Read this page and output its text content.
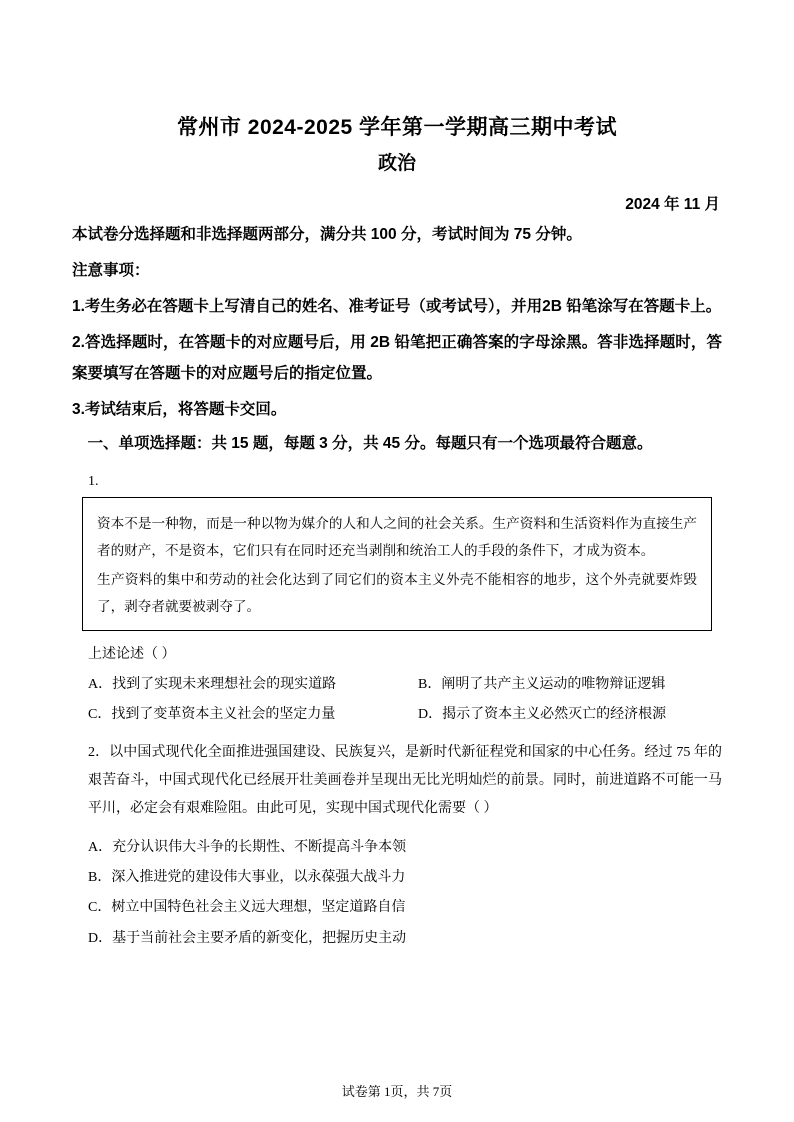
常州市 2024-2025 学年第一学期高三期中考试
政治

2024 年 11 月

本试卷分选择题和非选择题两部分，满分共 100 分，考试时间为 75 分钟。

注意事项：

1.考生务必在答题卡上写清自己的姓名、准考证号（或考试号），并用2B 铅笔涂写在答题卡上。

2.答选择题时，在答题卡的对应题号后，用 2B 铅笔把正确答案的字母涂黑。答非选择题时，答案要填写在答题卡的对应题号后的指定位置。

3.考试结束后，将答题卡交回。

一、单项选择题：共 15 题，每题 3 分，共 45 分。每题只有一个选项最符合题意。

1.

资本不是一种物，而是一种以物为媒介的人和人之间的社会关系。生产资料和生活资料作为直接生产者的财产，不是资本，它们只有在同时还充当剥削和统治工人的手段的条件下，才成为资本。

生产资料的集中和劳动的社会化达到了同它们的资本主义外壳不能相容的地步，这个外壳就要炸毁了，剥夺者就要被剥夺了。

上述论述（ ）

A．找到了实现未来理想社会的现实道路	B．阐明了共产主义运动的唯物辩证逻辑
C．找到了变革资本主义社会的坚定力量	D．揭示了资本主义必然灭亡的经济根源

2．以中国式现代化全面推进强国建设、民族复兴，是新时代新征程党和国家的中心任务。经过 75 年的艰苦奋斗，中国式现代化已经展开壮美画卷并呈现出无比光明灿烂的前景。同时，前进道路不可能一马平川，必定会有艰难险阻。由此可见，实现中国式现代化需要（ ）

A．充分认识伟大斗争的长期性、不断提高斗争本领

B．深入推进党的建设伟大事业，以永葆强大战斗力

C．树立中国特色社会主义远大理想，坚定道路自信

D．基于当前社会主要矛盾的新变化，把握历史主动

试卷第 1页，共 7页
